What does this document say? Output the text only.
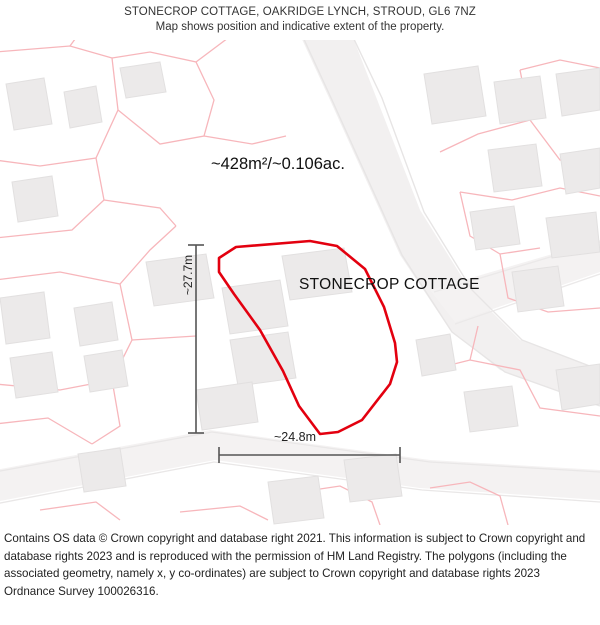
STONECROP COTTAGE, OAKRIDGE LYNCH, STROUD, GL6 7NZ
Map shows position and indicative extent of the property.
~428m²/~0.106ac.
STONECROP COTTAGE
~27.7m
~24.8m
Contains OS data © Crown copyright and database right 2021. This information is subject to Crown copyright and database rights 2023 and is reproduced with the permission of HM Land Registry. The polygons (including the associated geometry, namely x, y co-ordinates) are subject to Crown copyright and database rights 2023 Ordnance Survey 100026316.
